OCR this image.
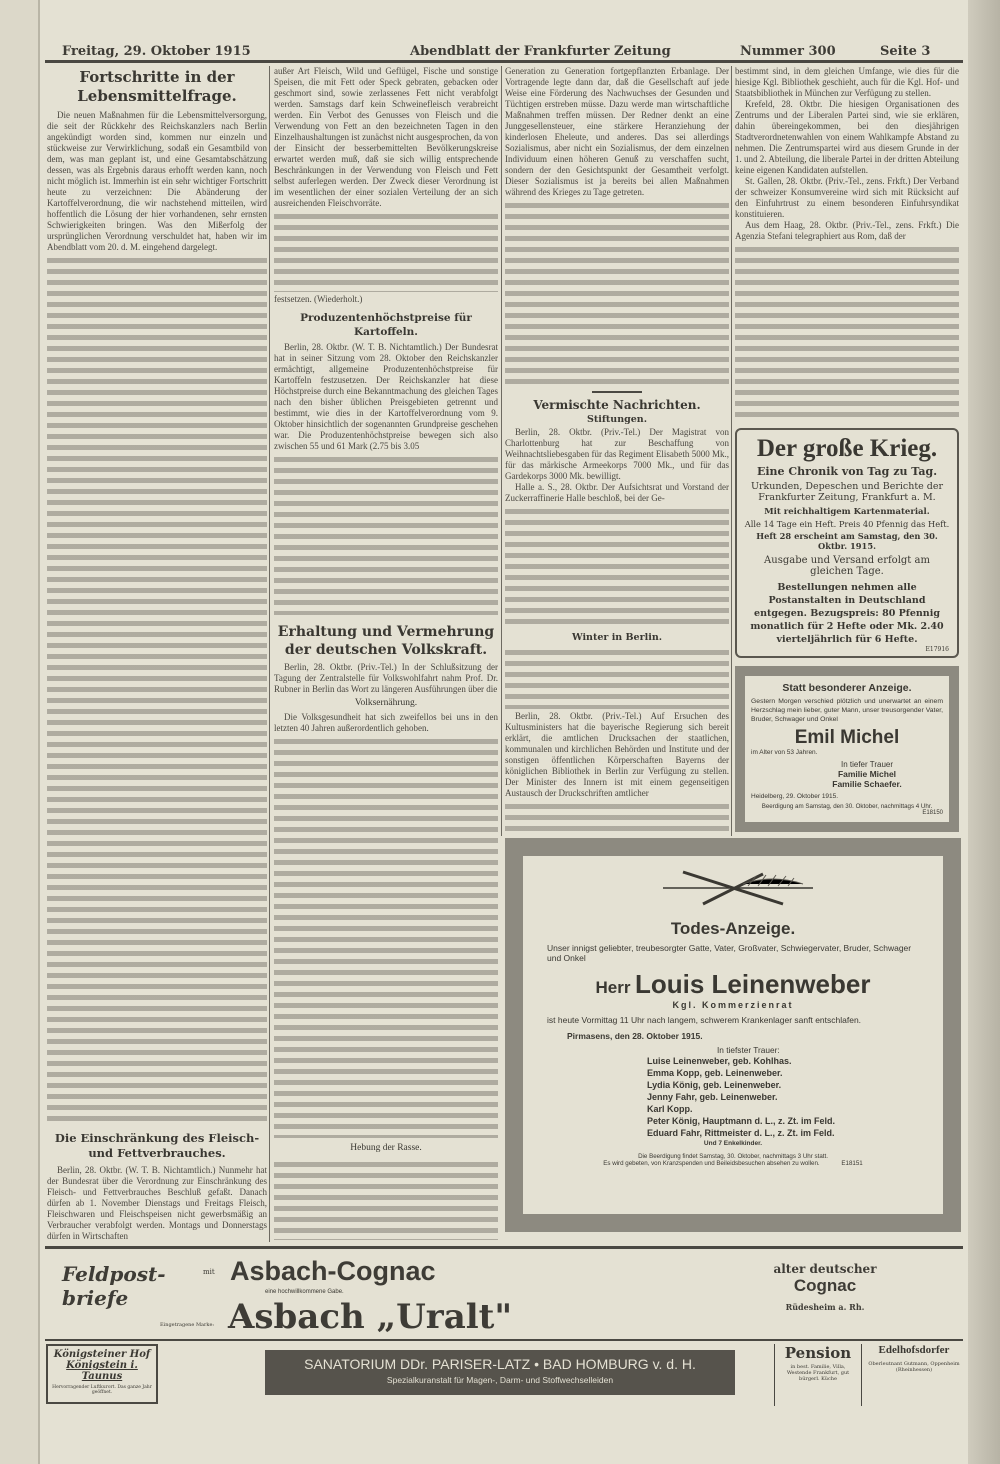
Freitag, 29. Oktober 1915	Abendblatt der Frankfurter Zeitung	Nummer 300	Seite 3
Fortschritte in der Lebensmittelfrage.

Die neuen Maßnahmen für die Lebensmittelversorgung, die seit der Rückkehr des Reichskanzlers nach Berlin angekündigt worden sind, kommen nur einzeln und stückweise zur Verwirklichung, sodaß ein Gesamtbild von dem, was man geplant ist, und eine Gesamtabschätzung dessen, was als Ergebnis daraus erhofft werden kann, noch nicht möglich ist. Immerhin ist ein sehr wichtiger Fortschritt heute zu verzeichnen: Die Abänderung der Kartoffelverordnung, die wir nachstehend mitteilen, wird hoffentlich die Lösung der hier vorhandenen, sehr ernsten Schwierigkeiten bringen. Was den Mißerfolg der ursprünglichen Verordnung verschuldet hat, haben wir im Abendblatt vom 20. d. M. eingehend dargelegt.

Die Einschränkung des Fleisch- und Fettverbrauches.

Berlin, 28. Oktbr. (W. T. B. Nichtamtlich.) Nunmehr hat der Bundesrat über die Verordnung zur Einschränkung des Fleisch- und Fettverbrauches Beschluß gefaßt. Danach dürfen ab 1. November Dienstags und Freitags Fleisch, Fleischwaren und Fleischspeisen nicht gewerbsmäßig an Verbraucher verabfolgt werden. Montags und Donnerstags dürfen in Wirtschaften

außer Art Fleisch, Wild und Geflügel, Fische und sonstige Speisen, die mit Fett oder Speck gebraten, gebacken oder geschmort sind, sowie zerlassenes Fett nicht verabfolgt werden. Samstags darf kein Schweinefleisch verabreicht werden. Ein Verbot des Genusses von Fleisch und die Verwendung von Fett an den bezeichneten Tagen in den Einzelhaushaltungen ist zunächst nicht ausgesprochen, da von der Einsicht der besserbemittelten Bevölkerungskreise erwartet werden muß, daß sie sich willig entsprechende Beschränkungen in der Verwendung von Fleisch und Fett selbst auferlegen werden. Der Zweck dieser Verordnung ist im wesentlichen der einer sozialen Verteilung der an sich ausreichenden Fleischvorräte.

festsetzen. (Wiederholt.)
Produzentenhöchstpreise für Kartoffeln.

Berlin, 28. Oktbr. (W. T. B. Nichtamtlich.) Der Bundesrat hat in seiner Sitzung vom 28. Oktober den Reichskanzler ermächtigt, allgemeine Produzentenhöchstpreise für Kartoffeln festzusetzen. Der Reichskanzler hat diese Höchstpreise durch eine Bekanntmachung des gleichen Tages nach den bisher üblichen Preisgebieten getrennt und bestimmt, wie dies in der Kartoffelverordnung vom 9. Oktober hinsichtlich der sogenannten Grundpreise geschehen war. Die Produzentenhöchstpreise bewegen sich also zwischen 55 und 61 Mark (2.75 bis 3.05

Erhaltung und Vermehrung der deutschen Volkskraft.

Berlin, 28. Oktbr. (Priv.-Tel.) In der Schlußsitzung der Tagung der Zentralstelle für Volkswohlfahrt nahm Prof. Dr. Rubner in Berlin das Wort zu längeren Ausführungen über die

Volksernährung.

Die Volksgesundheit hat sich zweifellos bei uns in den letzten 40 Jahren außerordentlich gehoben.

Hebung der Rasse.

Generation zu Generation fortgepflanzten Erbanlage. Der Vortragende legte dann dar, daß die Gesellschaft auf jede Weise eine Förderung des Nachwuchses der Gesunden und Tüchtigen erstreben müsse. Dazu werde man wirtschaftliche Maßnahmen treffen müssen. Der Redner denkt an eine Junggesellensteuer, eine stärkere Heranziehung der kinderlosen Eheleute, und anderes. Das sei allerdings Sozialismus, aber nicht ein Sozialismus, der dem einzelnen Individuum einen höheren Genuß zu verschaffen sucht, sondern der den Gesichtspunkt der Gesamtheit verfolgt. Dieser Sozialismus ist ja bereits bei allen Maßnahmen während des Krieges zu Tage getreten.

Vermischte Nachrichten.
Stiftungen.

Berlin, 28. Oktbr. (Priv.-Tel.) Der Magistrat von Charlottenburg hat zur Beschaffung von Weihnachtsliebesgaben für das Regiment Elisabeth 5000 Mk., für das märkische Armeekorps 7000 Mk., und für das Gardekorps 3000 Mk. bewilligt.

Halle a. S., 28. Oktbr. Der Aufsichtsrat und Vorstand der Zuckerraffinerie Halle beschloß, bei der Ge-

Winter in Berlin.

Berlin, 28. Oktbr. (Priv.-Tel.) Auf Ersuchen des Kultusministers hat die bayerische Regierung sich bereit erklärt, die amtlichen Drucksachen der staatlichen, kommunalen und kirchlichen Behörden und Institute und der sonstigen öffentlichen Körperschaften Bayerns der königlichen Bibliothek in Berlin zur Verfügung zu stellen. Der Minister des Innern ist mit einem gegenseitigen Austausch der Druckschriften amtlicher

bestimmt sind, in dem gleichen Umfange, wie dies für die hiesige Kgl. Bibliothek geschieht, auch für die Kgl. Hof- und Staatsbibliothek in München zur Verfügung zu stellen.

Krefeld, 28. Oktbr. Die hiesigen Organisationen des Zentrums und der Liberalen Partei sind, wie sie erklären, dahin übereingekommen, bei den diesjährigen Stadtverordnetenwahlen von einem Wahlkampfe Abstand zu nehmen. Die Zentrumspartei wird aus diesem Grunde in der 1. und 2. Abteilung, die liberale Partei in der dritten Abteilung keine eigenen Kandidaten aufstellen.

St. Gallen, 28. Oktbr. (Priv.-Tel., zens. Frkft.) Der Verband der schweizer Konsumvereine wird sich mit Rücksicht auf den Einfuhrtrust zu einem besonderen Einfuhrsyndikat konstituieren.

Aus dem Haag, 28. Oktbr. (Priv.-Tel., zens. Frkft.) Die Agenzia Stefani telegraphiert aus Rom, daß der

Der große Krieg.
Eine Chronik von Tag zu Tag.
Urkunden, Depeschen und Berichte der Frankfurter Zeitung, Frankfurt a. M.
Mit reichhaltigem Kartenmaterial.
Alle 14 Tage ein Heft. Preis 40 Pfennig das Heft.
Heft 28 erscheint am Samstag, den 30. Oktbr. 1915.
Ausgabe und Versand erfolgt am gleichen Tage.
Bestellungen nehmen alle Postanstalten in Deutschland entgegen. Bezugspreis: 80 Pfennig monatlich für 2 Hefte oder Mk. 2.40 vierteljährlich für 6 Hefte.
E17916
Statt besonderer Anzeige.
Gestern Morgen verschied plötzlich und unerwartet an einem Herzschlag mein lieber, guter Mann, unser treusorgender Vater, Bruder, Schwager und Onkel
Emil Michel
im Alter von 53 Jahren.
In tiefer Trauer
Familie Michel
Familie Schaefer.
Heidelberg, 29. Oktober 1915.
Beerdigung am Samstag, den 30. Oktober, nachmittags 4 Uhr.
E18150
Todes-Anzeige.
Unser innigst geliebter, treubesorgter Gatte, Vater, Großvater, Schwiegervater, Bruder, Schwager und Onkel
Herr Louis Leinenweber
Kgl. Kommerzienrat
ist heute Vormittag 11 Uhr nach langem, schwerem Krankenlager sanft entschlafen.
Pirmasens, den 28. Oktober 1915.
In tiefster Trauer:
Luise Leinenweber, geb. Kohlhas.
Emma Kopp, geb. Leinenweber.
Lydia König, geb. Leinenweber.
Jenny Fahr, geb. Leinenweber.
Karl Kopp.
Peter König, Hauptmann d. L., z. Zt. im Feld.
Eduard Fahr, Rittmeister d. L., z. Zt. im Feld.
Und 7 Enkelkinder.
Die Beerdigung findet Samstag, 30. Oktober, nachmittags 3 Uhr statt.
Es wird gebeten, von Kranzspenden und Beileidsbesuchen absehen zu wollen.	E18151
Feldpost-briefe
mit Asbach-Cognac
eine hochwillkommene Gabe.
Eingetragene Marke: Asbach „Uralt"
alter deutscher
Cognac
Rüdesheim a. Rh.
Königsteiner Hof
Königstein i. Taunus
Hervorragender Luftkurort. Das ganze Jahr geöffnet.
SANATORIUM DDr. PARISER-LATZ • BAD HOMBURG v. d. H.
Spezialkuranstalt für Magen-, Darm- und Stoffwechselleiden
Pension
in best. Familie, Villa, Westende Frankfurt, gut bürgerl. Küche
Edelhofsdorfer
Oberleutnant Gutmann, Oppenheim (Rheinhessen)
